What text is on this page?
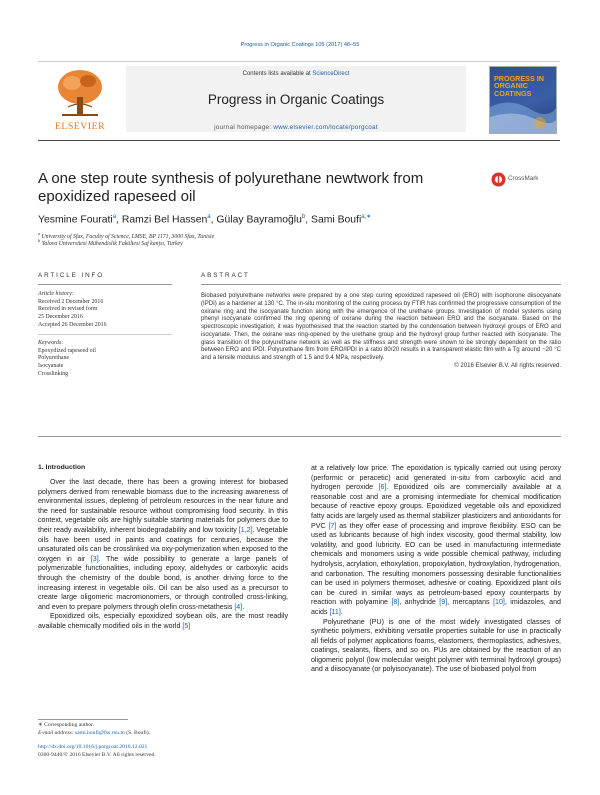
Progress in Organic Coatings 105 (2017) 48–55
ELSEVIER
Contents lists available at ScienceDirect
Progress in Organic Coatings
journal homepage: www.elsevier.com/locate/porgcoat
PROGRESS IN ORGANIC COATINGS
A one step route synthesis of polyurethane newtwork from epoxidized rapeseed oil
CrossMark
Yesmine Fourati$^a$, Ramzi Bel Hassen$^a$, Gülay Bayramoğlu$^b$, Sami Boufi$^{a,∗}$
$^a$ University of Sfax, Faculty of Science, LMSE, BP 1171, 3000 Sfax, Tunisie
$^b$ Yalova Üniversitesi Mühendislik Fakültesi Saf kanjsı, Turkey
ARTICLE INFO	ABSTRACT
Article history:
Received 2 December 2016
Received in revised form
25 December 2016
Accepted 26 December 2016
Keywords:
Epoxydized rapeseed oil
Polyurethane
Isocyanate
Crosslinking
Biobased polyurethane networks were prepared by a one step curing epoxidized rapeseed oil (ERO) with isophorone diisocyanate (IPDI) as a hardener at 130 °C. The in-situ monitoring of the curing process by FTIR has confirmed the progressive consumption of the oxirane ring and the isocyanate function along with the emergence of the urethane groups. Investigation of model systems using phenyl isocyanate confirmed the ring opening of oxirane during the reaction between ERO and the isocyanate. Based on the spectroscopic investigation, it was hypothesised that the reaction started by the condensation between hydroxyl groups of ERO and isocyanate. Then, the oxirane was ring-opened by the urethane group and the hydroxyl group further reacted with isocyanate. The glass transition of the polyurethane network as well as the stiffness and strength were shown to be strongly dependent on the ratio between ERO and IPDI. Polyurethane film from ERO/IPDI in a ratio 80/20 results in a transparent elastic film with a Tg around −20 °C and a tensile modulus and strength of 1.5 and 9.4 MPa, respectively.
© 2016 Elsevier B.V. All rights reserved.
1. Introduction

Over the last decade, there has been a growing interest for biobased polymers derived from renewable biomass due to the increasing awareness of environmental issues, depleting of petroleum resources in the near future and the need for sustainable resource without compromising food security. In this context, vegetable oils are highly suitable starting materials for polymers due to their ready availability, inherent biodegradability and low toxicity [1,2]. Vegetable oils have been used in paints and coatings for centuries, because the unsaturated oils can be crosslinked via oxy-polymerization when exposed to the oxygen in air [3]. The wide possibility to generate a large panels of polymerizable functionalities, including epoxy, aldehydes or carboxylic acids through the chemistry of the double bond, is another driving force to the increasing interest in vegetable oils. Oil can be also used as a precursor to create large oligomeric macromonomers, or through controlled cross-linking, and even to prepare polymers through olefin cross-metathesis [4].

Epoxidized oils, especially epoxidized soybean oils, are the most readily available chemically modified oils in the world [5]

at a relatively low price. The epoxidation is typically carried out using peroxy (performic or peracetic) acid generated in-situ from carboxylic acid and hydrogen peroxide [6]. Epoxidized oils are commercially available at a reasonable cost and are a promising intermediate for chemical modification because of reactive epoxy groups. Epoxidized vegetable oils and epoxidized fatty acids are largely used as thermal stabilizer plasticizers and antioxidants for PVC [7] as they offer ease of processing and improve flexibility. ESO can be used as lubricants because of high index viscosity, good thermal stability, low volatility, and good lubricity. EO can be used in manufacturing intermediate chemicals and monomers using a wide possible chemical pathway, including hydrolysis, acrylation, ethoxylation, propoxylation, hydroxylation, hydrogenation, and carbonation. The resulting monomers possessing desirable functionalities can be used in polymers thermoset, adhesive or coating. Epoxidized plant oils can be cured in similar ways as petroleum-based epoxy counterparts by reaction with polyamine [8], anhydride [9], mercaptans [10], imidazoles, and acids [11].

Polyurethane (PU) is one of the most widely investigated classes of synthetic polymers, exhibiting versatile properties suitable for use in practically all fields of polymer applications foams, elastomers, thermoplastics, adhesives, coatings, sealants, fibers, and so on. PUs are obtained by the reaction of an oligomeric polyol (low molecular weight polymer with terminal hydroxyl groups) and a diisocyanate (or polyisocyanate). The use of biobased polyol from

∗ Corresponding author.
E-mail address: sami.boufi@fss.rnu.tn (S. Boufi).
http://dx.doi.org/10.1016/j.porgcoat.2016.12.021
0300-9440/© 2016 Elsevier B.V. All rights reserved.
